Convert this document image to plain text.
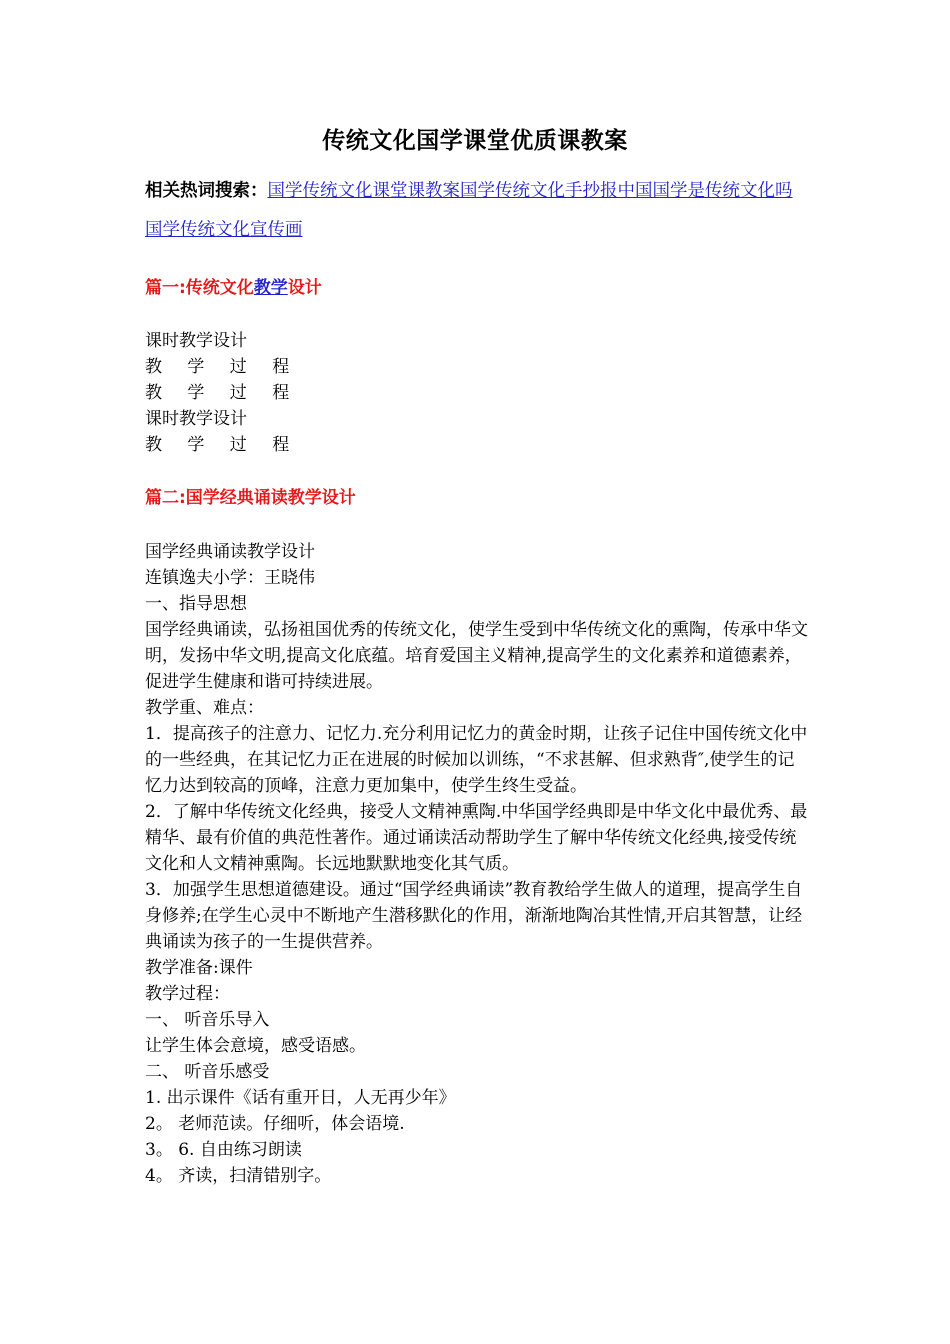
传统文化国学课堂优质课教案
相关热词搜索：国学传统文化课堂课教案国学传统文化手抄报中国国学是传统文化吗国学传统文化宣传画
篇一:传统文化教学设计

课时教学设计

教 学 过 程

教 学 过 程

课时教学设计

教 学 过 程

篇二:国学经典诵读教学设计

国学经典诵读教学设计

连镇逸夫小学：王晓伟

一、指导思想

国学经典诵读，弘扬祖国优秀的传统文化，使学生受到中华传统文化的熏陶，传承中华文明，发扬中华文明,提高文化底蕴。培育爱国主义精神,提高学生的文化素养和道德素养，促进学生健康和谐可持续进展。

教学重、难点：

1．提高孩子的注意力、记忆力.充分利用记忆力的黄金时期，让孩子记住中国传统文化中的一些经典，在其记忆力正在进展的时候加以训练，“不求甚解、但求熟背″,使学生的记忆力达到较高的顶峰，注意力更加集中，使学生终生受益。

2．了解中华传统文化经典，接受人文精神熏陶.中华国学经典即是中华文化中最优秀、最精华、最有价值的典范性著作。通过诵读活动帮助学生了解中华传统文化经典,接受传统文化和人文精神熏陶。长远地默默地变化其气质。

3．加强学生思想道德建设。通过“国学经典诵读”教育教给学生做人的道理，提高学生自身修养;在学生心灵中不断地产生潜移默化的作用，渐渐地陶冶其性情,开启其智慧，让经典诵读为孩子的一生提供营养。

教学准备:课件

教学过程：

一、 听音乐导入

让学生体会意境，感受语感。

二、 听音乐感受

1. 出示课件《话有重开日，人无再少年》

2。 老师范读。仔细听，体会语境.

3。 6. 自由练习朗读

4。 齐读，扫清错别字。
